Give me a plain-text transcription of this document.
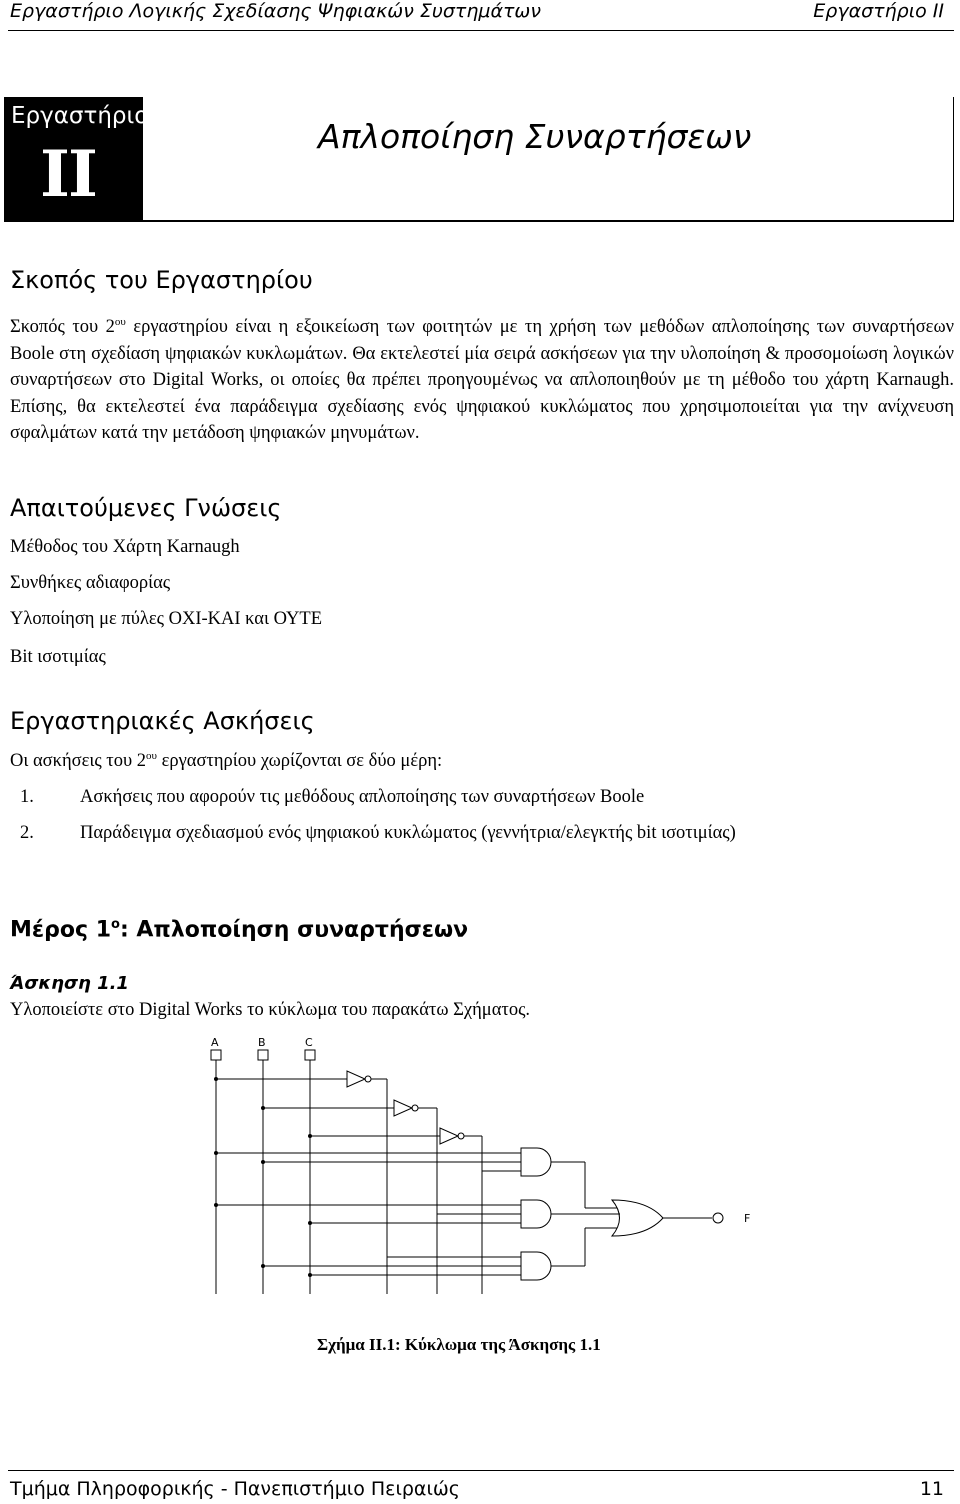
Εργαστήριο Λογικής Σχεδίασης Ψηφιακών Συστημάτων	Εργαστήριο ΙΙ
Εργαστήριο
II
Απλοποίηση Συναρτήσεων
Σκοπός του Εργαστηρίου
Σκοπός του $2^{o\upsilon}$ εργαστηρίου είναι η εξοικείωση των φοιτητών με τη χρήση των μεθόδων απλοποίησης των συναρτήσεων Boole στη σχεδίαση ψηφιακών κυκλωμάτων. Θα εκτελεστεί μία σειρά ασκήσεων για την υλοποίηση & προσομοίωση λογικών συναρτήσεων στο Digital Works, οι οποίες θα πρέπει προηγουμένως να απλοποιηθούν με τη μέθοδο του χάρτη Karnaugh. Επίσης, θα εκτελεστεί ένα παράδειγμα σχεδίασης ενός ψηφιακού κυκλώματος που χρησιμοποιείται για την ανίχνευση σφαλμάτων κατά την μετάδοση ψηφιακών μηνυμάτων.
Απαιτούμενες Γνώσεις
Μέθοδος του Χάρτη Karnaugh
Συνθήκες αδιαφορίας
Υλοποίηση με πύλες ΟΧΙ-ΚΑΙ και ΟΥΤΕ
Bit ισοτιμίας
Εργαστηριακές Ασκήσεις
Οι ασκήσεις του $2^{o\upsilon}$ εργαστηρίου χωρίζονται σε δύο μέρη:
1. Ασκήσεις που αφορούν τις μεθόδους απλοποίησης των συναρτήσεων Boole
2. Παράδειγμα σχεδιασμού ενός ψηφιακού κυκλώματος (γεννήτρια/ελεγκτής bit ισοτιμίας)
Μέρος $1^o$: Απλοποίηση συναρτήσεων
Άσκηση 1.1
Υλοποιείστε στο Digital Works το κύκλωμα του παρακάτω Σχήματος.
A	B	C
F
Σχήμα ΙΙ.1: Κύκλωμα της Άσκησης 1.1
Τμήμα Πληροφορικής - Πανεπιστήμιο Πειραιώς	11
